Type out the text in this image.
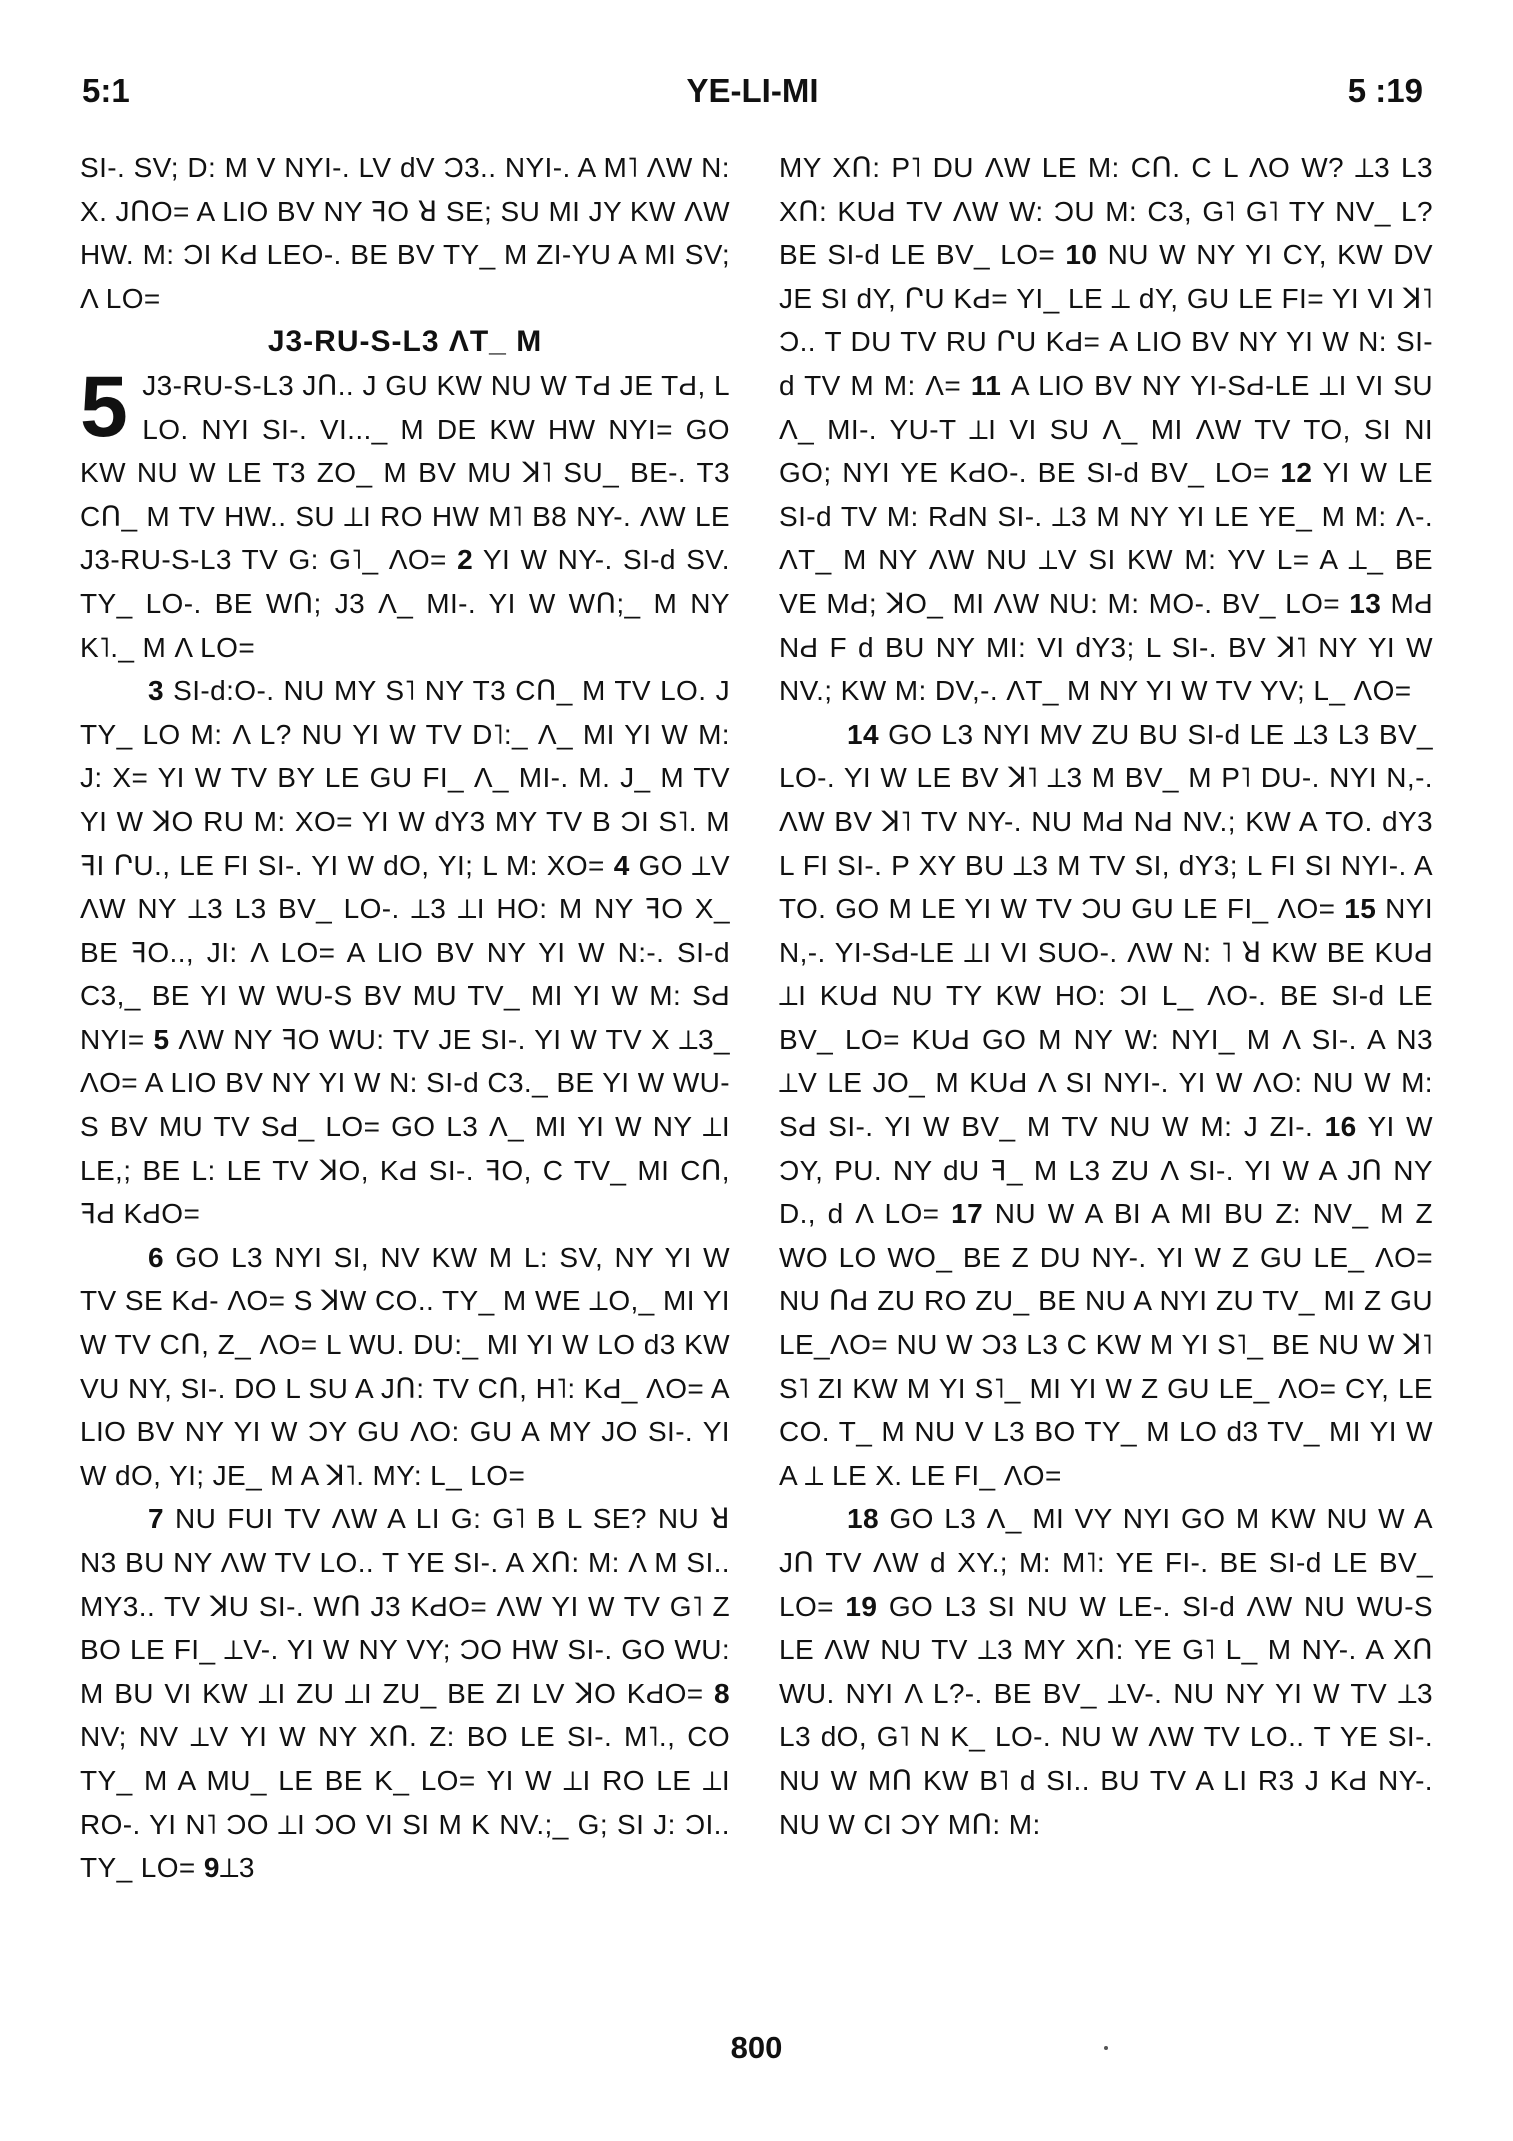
5:1	YE-LI-MI	5 :19

SI-. SV; D: M V NYI-. LV dV Ɔ3.. NYI-. A M˥ ΛW N: X. JՈO= A LIO BV NY ꟻO ꓤ SE; SU MI JY KW ΛW HW. M: ƆI KԀ LEO-. BE BV TY_ M ZI-YU A MI SV; Λ LO=

J3-RU-S-L3 ΛT_ M

5 J3-RU-S-L3 JՈ.. J GU KW NU W TԀ JE TԀ, L LO. NYI SI-. VI..._ M DE KW HW NYI= GO KW NU W LE T3 ZO_ M BV MU ꓘ˥ SU_ BE-. T3 CՈ_ M TV HW.. SU ⟂I RO HW M˥ B8 NY-. ΛW LE J3-RU-S-L3 TV G: G˥_ ΛO= 2 YI W NY-. SI-d SV. TY_ LO-. BE WՈ; J3 Λ_ MI-. YI W WՈ;_ M NY K˥._ M Λ LO=

3 SI-d:O-. NU MY S˥ NY T3 CՈ_ M TV LO. J TY_ LO M: Λ L? NU YI W TV D˥:_ Λ_ MI YI W M: J: X= YI W TV BY LE GU FI_ Λ_ MI-. M. J_ M TV YI W ꓘO RU M: XO= YI W dY3 MY TV B ƆI S˥. M ꟻI ՐU., LE FI SI-. YI W dO, YI; L M: XO= 4 GO ⟂V ΛW NY ⟂3 L3 BV_ LO-. ⟂3 ⟂I HO: M NY ꟻO X_ BE ꟻO.., JI: Λ LO= A LIO BV NY YI W N:-. SI-d C3,_ BE YI W WU-S BV MU TV_ MI YI W M: SԀ NYI= 5 ΛW NY ꟻO WU: TV JE SI-. YI W TV X ⟂3_ ΛO= A LIO BV NY YI W N: SI-d C3._ BE YI W WU-S BV MU TV SԀ_ LO= GO L3 Λ_ MI YI W NY ⟂I LE,; BE L: LE TV ꓘO, KԀ SI-. ꟻO, C TV_ MI CՈ, ꟻԀ KԀO=

6 GO L3 NYI SI, NV KW M L: SV, NY YI W TV SE KԀ- ΛO= S ꓘW CO.. TY_ M WE ⟂O,_ MI YI W TV CՈ, Z_ ΛO= L WU. DU:_ MI YI W LO d3 KW VU NY, SI-. DO L SU A JՈ: TV CՈ, H˥: KԀ_ ΛO= A LIO BV NY YI W ƆY GU ΛO: GU A MY JO SI-. YI W dO, YI; JE_ M A ꓘ˥. MY: L_ LO=

7 NU FUI TV ΛW A LI G: G˥ B L SE? NU ꓤ N3 BU NY ΛW TV LO.. T YE SI-. A XՈ: M: Λ M SI.. MY3.. TV ꓘU SI-. WՈ J3 KԀO= ΛW YI W TV G˥ Z BO LE FI_ ⟂V-. YI W NY VY; ƆO HW SI-. GO WU: M BU VI KW ⟂I ZU ⟂I ZU_ BE ZI LV ꓘO KԀO= 8 NV; NV ⟂V YI W NY XՈ. Z: BO LE SI-. M˥., CO TY_ M A MU_ LE BE K_ LO= YI W ⟂I RO LE ⟂I RO-. YI N˥ ƆO ⟂I ƆO VI SI M K NV.;_ G; SI J: ƆI.. TY_ LO= 9⟂3

MY XՈ: P˥ DU ΛW LE M: CՈ. C L ΛO W? ⟂3 L3 XՈ: KUԀ TV ΛW W: ƆU M: C3, G˥ G˥ TY NV_ L? BE SI-d LE BV_ LO= 10 NU W NY YI CY, KW DV JE SI dY, ՐU KԀ= YI_ LE ⟂ dY, GU LE FI= YI VI ꓘ˥ Ɔ.. T DU TV RU ՐU KԀ= A LIO BV NY YI W N: SI-d TV M M: Λ= 11 A LIO BV NY YI-SԀ-LE ⟂I VI SU Λ_ MI-. YU-T ⟂I VI SU Λ_ MI ΛW TV TO, SI NI GO; NYI YE KԀO-. BE SI-d BV_ LO= 12 YI W LE SI-d TV M: RԀN SI-. ⟂3 M NY YI LE YE_ M M: Λ-. ΛT_ M NY ΛW NU ⟂V SI KW M: YV L= A ⟂_ BE VE MԀ; ꓘO_ MI ΛW NU: M: MO-. BV_ LO= 13 MԀ NԀ F d BU NY MI: VI dY3; L SI-. BV ꓘ˥ NY YI W NV.; KW M: DV,-. ΛT_ M NY YI W TV YV; L_ ΛO=

14 GO L3 NYI MV ZU BU SI-d LE ⟂3 L3 BV_ LO-. YI W LE BV ꓘ˥ ⟂3 M BV_ M P˥ DU-. NYI N,-. ΛW BV ꓘ˥ TV NY-. NU MԀ NԀ NV.; KW A TO. dY3 L FI SI-. P XY BU ⟂3 M TV SI, dY3; L FI SI NYI-. A TO. GO M LE YI W TV ƆU GU LE FI_ ΛO= 15 NYI N,-. YI-SԀ-LE ⟂I VI SUO-. ΛW N: ˥ ꓤ KW BE KUԀ ⟂I KUԀ NU TY KW HO: ƆI L_ ΛO-. BE SI-d LE BV_ LO= KUԀ GO M NY W: NYI_ M Λ SI-. A N3 ⟂V LE JO_ M KUԀ Λ SI NYI-. YI W ΛO: NU W M: SԀ SI-. YI W BV_ M TV NU W M: J ZI-. 16 YI W ƆY, PU. NY dU ꟻ_ M L3 ZU Λ SI-. YI W A JՈ NY D., d Λ LO= 17 NU W A BI A MI BU Z: NV_ M Z WO LO WO_ BE Z DU NY-. YI W Z GU LE_ ΛO= NU ՈԀ ZU RO ZU_ BE NU A NYI ZU TV_ MI Z GU LE_ΛO= NU W Ɔ3 L3 C KW M YI S˥_ BE NU W ꓘ˥ S˥ ZI KW M YI S˥_ MI YI W Z GU LE_ ΛO= CY, LE CO. T_ M NU V L3 BO TY_ M LO d3 TV_ MI YI W A ⟂ LE X. LE FI_ ΛO=

18 GO L3 Λ_ MI VY NYI GO M KW NU W A JՈ TV ΛW d XY.; M: M˥: YE FI-. BE SI-d LE BV_ LO= 19 GO L3 SI NU W LE-. SI-d ΛW NU WU-S LE ΛW NU TV ⟂3 MY XՈ: YE G˥ L_ M NY-. A XՈ WU. NYI Λ L?-. BE BV_ ⟂V-. NU NY YI W TV ⟂3 L3 dO, G˥ N K_ LO-. NU W ΛW TV LO.. T YE SI-. NU W MՈ KW B˥ d SI.. BU TV A LI R3 J KԀ NY-. NU W CI ƆY MՈ: M:

800
